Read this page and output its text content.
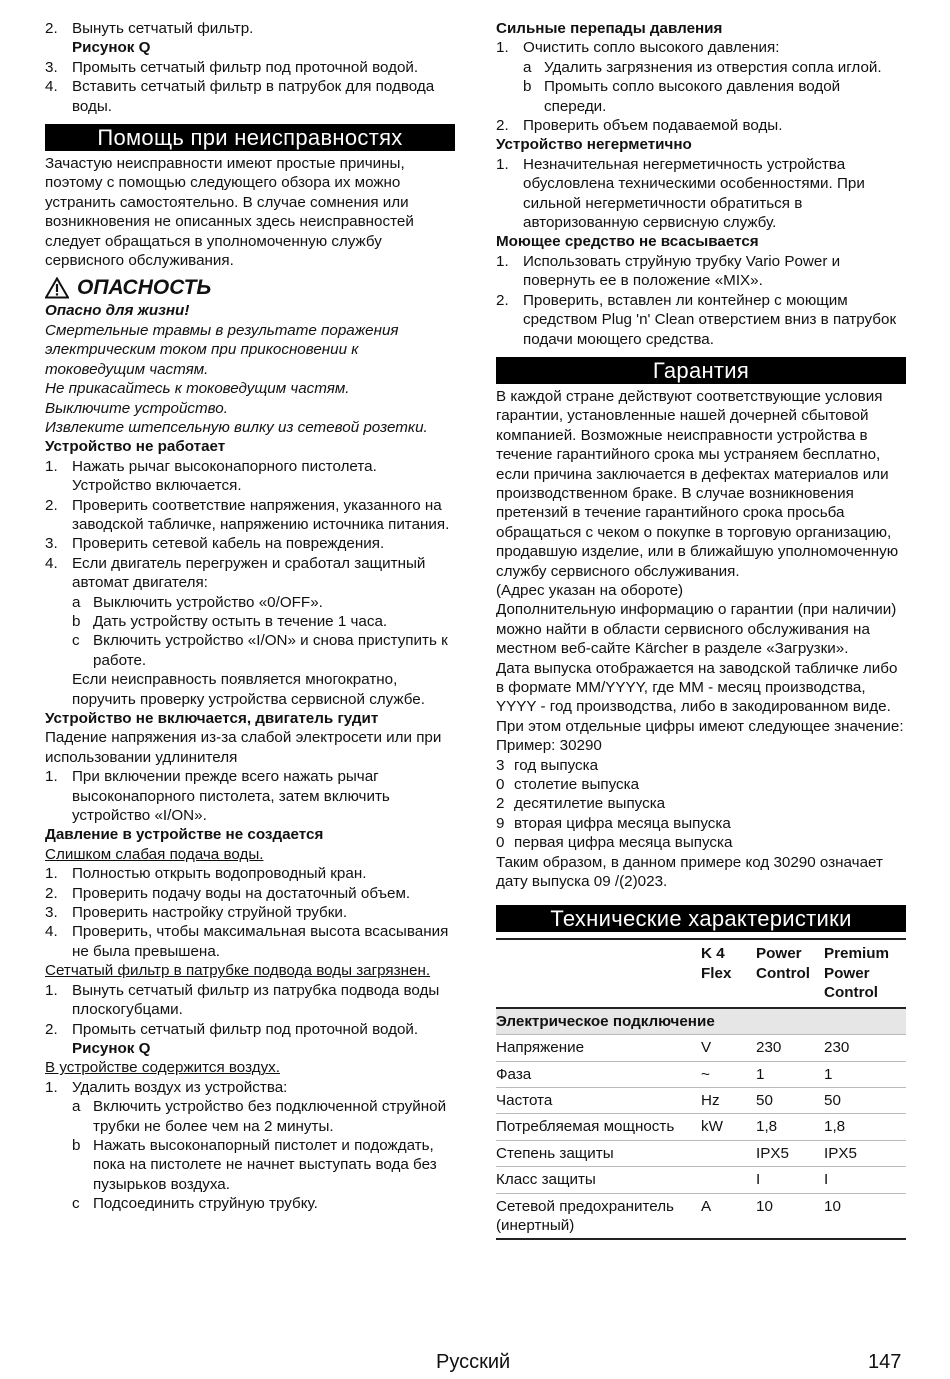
2. Вынуть сетчатый фильтр.

Рисунок Q

3. Промыть сетчатый фильтр под проточной водой.
4. Вставить сетчатый фильтр в патрубок для подвода воды.
Помощь при неисправностях

Зачастую неисправности имеют простые причины, поэтому с помощью следующего обзора их можно устранить самостоятельно. В случае сомнения или возникновения не описанных здесь неисправностей следует обращаться в уполномоченную службу сервисного обслуживания.

ОПАСНОСТЬ

Опасно для жизни!

Смертельные травмы в результате поражения электрическим током при прикосновении к токоведущим частям.

Не прикасайтесь к токоведущим частям.

Выключите устройство.

Извлеките штепсельную вилку из сетевой розетки.

Устройство не работает

1. Нажать рычаг высоконапорного пистолета.

Устройство включается.

2. Проверить соответствие напряжения, указанного на заводской табличке, напряжению источника питания.
3. Проверить сетевой кабель на повреждения.
4. Если двигатель перегружен и сработал защитный автомат двигателя:
a Выключить устройство «0/OFF».
b Дать устройству остыть в течение 1 часа.
c Включить устройство «I/ON» и снова приступить к работе.

Если неисправность появляется многократно, поручить проверку устройства сервисной службе.

Устройство не включается, двигатель гудит

Падение напряжения из-за слабой электросети или при использовании удлинителя

1. При включении прежде всего нажать рычаг высоконапорного пистолета, затем включить устройство «I/ON».

Давление в устройстве не создается

Слишком слабая подача воды.

1. Полностью открыть водопроводный кран.
2. Проверить подачу воды на достаточный объем.
3. Проверить настройку струйной трубки.
4. Проверить, чтобы максимальная высота всасывания не была превышена.

Сетчатый фильтр в патрубке подвода воды загрязнен.

1. Вынуть сетчатый фильтр из патрубка подвода воды плоскогубцами.
2. Промыть сетчатый фильтр под проточной водой.

Рисунок Q

В устройстве содержится воздух.

1. Удалить воздух из устройства:
a Включить устройство без подключенной струйной трубки не более чем на 2 минуты.
b Нажать высоконапорный пистолет и подождать, пока на пистолете не начнет выступать вода без пузырьков воздуха.
c Подсоединить струйную трубку.

Сильные перепады давления

1. Очистить сопло высокого давления:
a Удалить загрязнения из отверстия сопла иглой.
b Промыть сопло высокого давления водой спереди.
2. Проверить объем подаваемой воды.

Устройство негерметично

1. Незначительная негерметичность устройства обусловлена техническими особенностями. При сильной негерметичности обратиться в авторизованную сервисную службу.

Моющее средство не всасывается

1. Использовать струйную трубку Vario Power и повернуть ее в положение «MIX».
2. Проверить, вставлен ли контейнер с моющим средством Plug 'n' Clean отверстием вниз в патрубок подачи моющего средства.
Гарантия

В каждой стране действуют соответствующие условия гарантии, установленные нашей дочерней сбытовой компанией. Возможные неисправности устройства в течение гарантийного срока мы устраняем бесплатно, если причина заключается в дефектах материалов или производственном браке. В случае возникновения претензий в течение гарантийного срока просьба обращаться с чеком о покупке в торговую организацию, продавшую изделие, или в ближайшую уполномоченную службу сервисного обслуживания.

(Адрес указан на обороте)

Дополнительную информацию о гарантии (при наличии) можно найти в области сервисного обслуживания на местном веб-сайте Kärcher в разделе «Загрузки».

Дата выпуска отображается на заводской табличке либо в формате MM/YYYY, где MM - месяц производства, YYYY - год производства, либо в закодированном виде.

При этом отдельные цифры имеют следующее значение:

Пример: 30290

3 год выпуска
0 столетие выпуска
2 десятилетие выпуска
9 вторая цифра месяца выпуска
0 первая цифра месяца выпуска

Таким образом, в данном примере код 30290 означает дату выпуска 09 /(2)023.

Технические характеристики
	K 4 Flex	Power Control	Premium Power Control
Электрическое подключение			
Напряжение	V	230	230
Фаза	~	1	1
Частота	Hz	50	50
Потребляемая мощность	kW	1,8	1,8
Степень защиты		IPX5	IPX5
Класс защиты		I	I
Сетевой предохранитель (инертный)	A	10	10
Русский	147
